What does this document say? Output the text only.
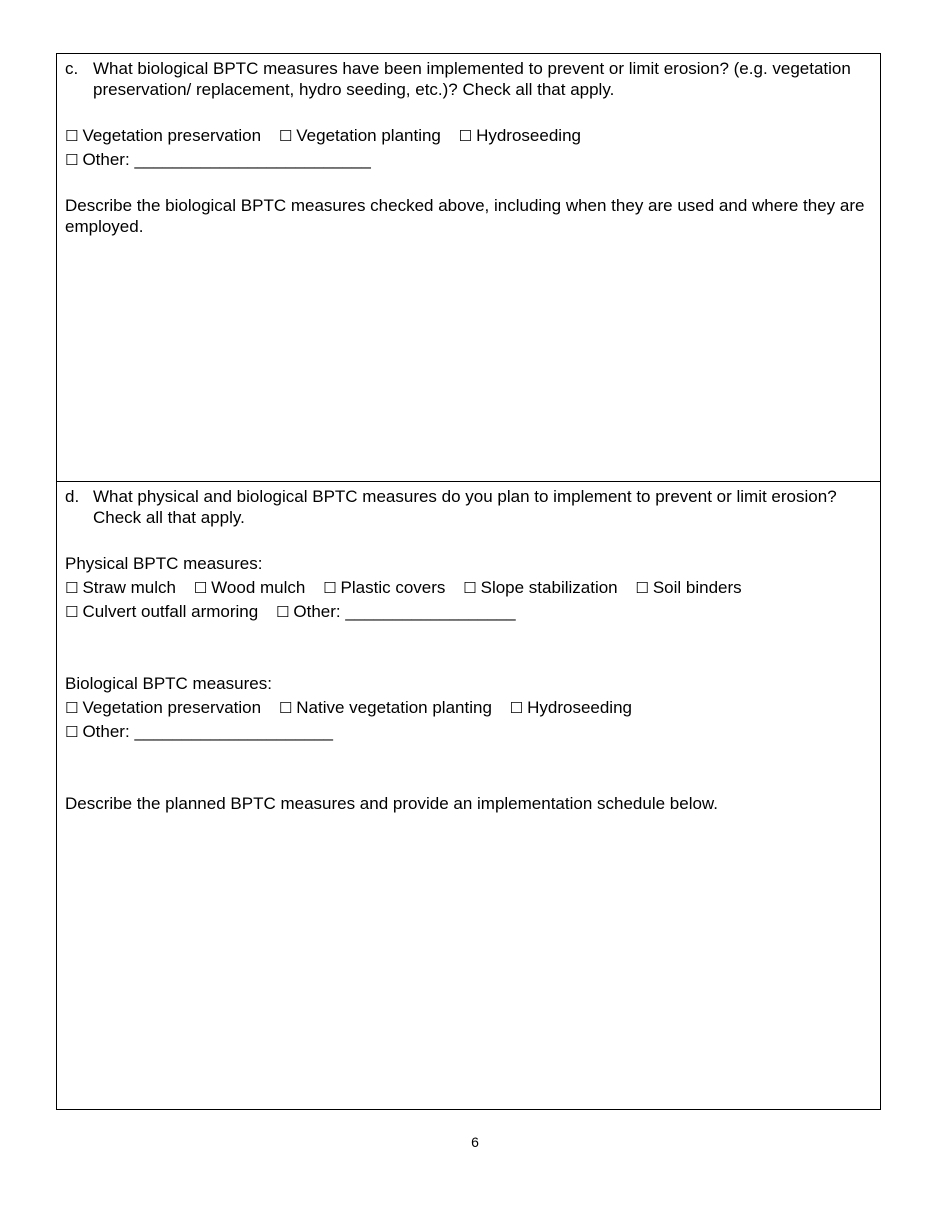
c. What biological BPTC measures have been implemented to prevent or limit erosion? (e.g. vegetation preservation/ replacement, hydro seeding, etc.)? Check all that apply.
☐ Vegetation preservation ☐ Vegetation planting ☐ Hydroseeding
☐ Other: _________________________
Describe the biological BPTC measures checked above, including when they are used and where they are employed.
d. What physical and biological BPTC measures do you plan to implement to prevent or limit erosion? Check all that apply.
Physical BPTC measures:
☐ Straw mulch ☐ Wood mulch ☐ Plastic covers ☐ Slope stabilization ☐ Soil binders
☐ Culvert outfall armoring ☐ Other: __________________
Biological BPTC measures:
☐ Vegetation preservation ☐ Native vegetation planting ☐ Hydroseeding
☐ Other: _____________________
Describe the planned BPTC measures and provide an implementation schedule below.
6
